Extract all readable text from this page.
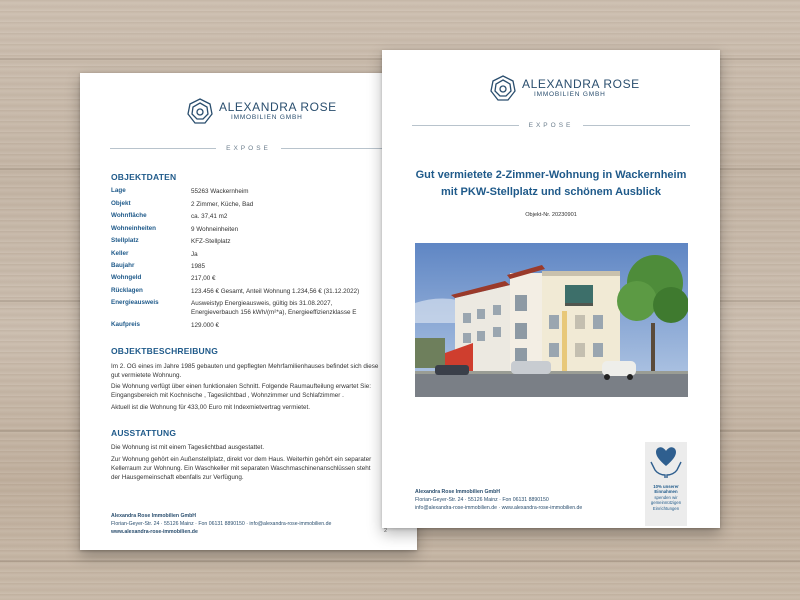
ALEXANDRA ROSE
IMMOBILIEN GMBH
EXPOSE
OBJEKTDATEN
Lage	55263 Wackernheim
Objekt	2 Zimmer, Küche, Bad
Wohnfläche	ca. 37,41 m2
Wohneinheiten	9 Wohneinheiten
Stellplatz	KFZ-Stellplatz
Keller	Ja
Baujahr	1985
Wohngeld	217,00 €
Rücklagen	123.456 € Gesamt, Anteil Wohnung 1.234,56 € (31.12.2022)
Energieausweis	Ausweistyp Energieausweis, gültig bis 31.08.2027, Energieverbauch 156 kWh/(m²*a), Energieeffizienzklasse E
Kaufpreis	129.000 €
OBJEKTBESCHREIBUNG
Im 2. OG eines im Jahre 1985 gebauten und gepflegten Mehrfamilienhauses befindet sich diese gut vermietete Wohnung.
Die Wohnung verfügt über einen funktionalen Schnitt. Folgende Raumaufteilung erwartet Sie: Eingangsbereich mit Kochnische , Tageslichtbad , Wohnzimmer und Schlafzimmer .
Aktuell ist die Wohnung für 433,00 Euro mit Indexmietvertrag vermietet.
AUSSTATTUNG
Die Wohnung ist mit einem Tageslichtbad ausgestattet.
Zur Wohnung gehört ein Außenstellplatz, direkt vor dem Haus. Weiterhin gehört ein separater Kellerraum zur Wohnung. Ein Waschkeller mit separaten Waschmaschinenanschlüssen steht der Hausgemeinschaft ebenfalls zur Verfügung.
Alexandra Rose Immobilien GmbH
Florian-Geyer-Str. 24 · 55126 Mainz · Fon 06131 8890150 · info@alexandra-rose-immobilien.de
www.alexandra-rose-immobilien.de	2
ALEXANDRA ROSE
IMMOBILIEN GMBH
EXPOSE
Gut vermietete 2-Zimmer-Wohnung in Wackernheim
mit PKW-Stellplatz und schönem Ausblick
Objekt-Nr. 20230901
Alexandra Rose Immobilien GmbH
Florian-Geyer-Str. 24 · 55126 Mainz · Fon 06131 8890150
info@alexandra-rose-immobilien.de · www.alexandra-rose-immobilien.de
10% unserer
Einnahmen
spenden wir
gemeinnützigen
Einrichtungen
